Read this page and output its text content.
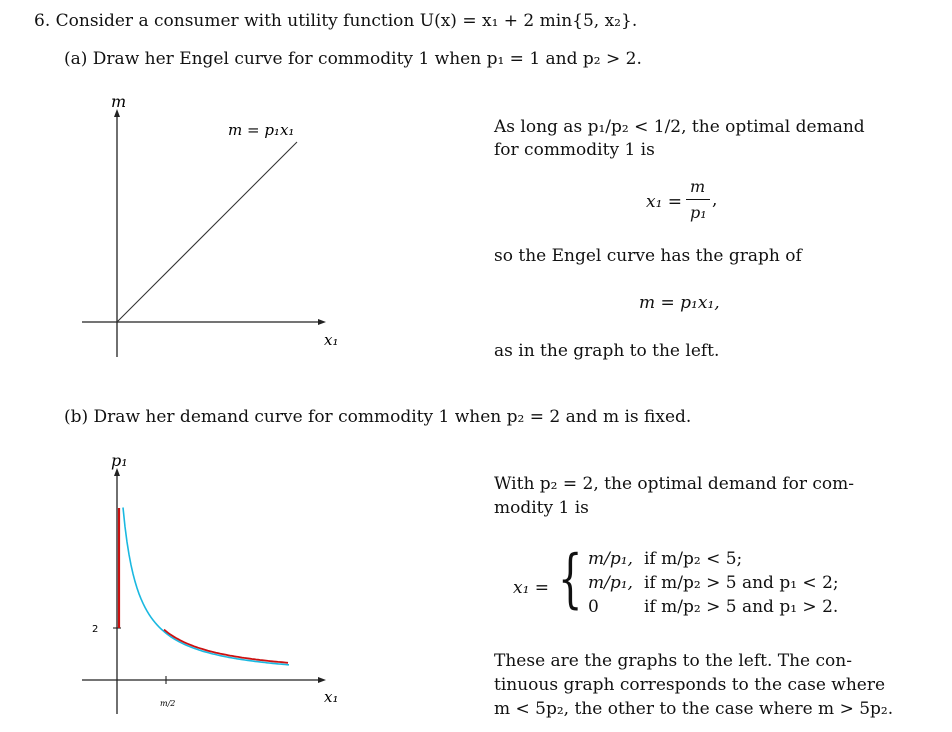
6. Consider a consumer with utility function U(x) = x₁ + 2 min{5, x₂}.
(a) Draw her Engel curve for commodity 1 when p₁ = 1 and p₂ > 2.
m
x₁
m = p₁x₁	As long as p₁/p₂ < 1/2, the optimal demand
for commodity 1 is
x₁ =
m
p₁
,
so the Engel curve has the graph of
m = p₁x₁,
as in the graph to the left.
(b) Draw her demand curve for commodity 1 when p₂ = 2 and m is fixed.
p₁
x₁
2
m/2
With p₂ = 2, the optimal demand for com-
modity 1 is
x₁ = { m/p₁, if m/p₂ < 5;
m/p₁, if m/p₂ > 5 and p₁ < 2;
0	if m/p₂ > 5 and p₁ > 2.
These are the graphs to the left. The con-
tinuous graph corresponds to the case where
m < 5p₂, the other to the case where m > 5p₂.
